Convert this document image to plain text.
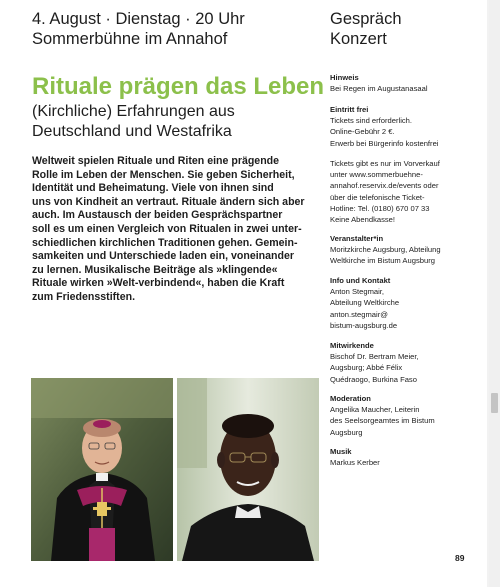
4. August · Dienstag · 20 Uhr
Sommerbühne im Annahof
Gespräch
Konzert
Rituale prägen das Leben
(Kirchliche) Erfahrungen aus Deutschland und Westafrika
Weltweit spielen Rituale und Riten eine prägende
Rolle im Leben der Menschen. Sie geben Sicherheit,
Identität und Beheimatung. Viele von ihnen sind
uns von Kindheit an vertraut. Rituale ändern sich aber
auch. Im Austausch der beiden Gesprächspartner
soll es um einen Vergleich von Ritualen in zwei unter-
schiedlichen kirchlichen Traditionen gehen. Gemein-
samkeiten und Unterschiede laden ein, voneinander
zu lernen. Musikalische Beiträge als »klingende«
Rituale wirken »Welt-verbindend«, haben die Kraft
zum Friedensstiften.
89
Hinweis
Bei Regen im Augustanasaal
Eintritt frei
Tickets sind erforderlich.
Online-Gebühr 2 €.
Erwerb bei Bürgerinfo kostenfrei
Tickets gibt es nur im Vorverkauf
unter www.sommerbuehne-
annahof.reservix.de/events oder
über die telefonische Ticket-
Hotline: Tel. (0180) 670 07 33
Keine Abendkasse!
Veranstalter*in
Moritzkirche Augsburg, Abteilung
Weltkirche im Bistum Augsburg
Info und Kontakt
Anton Stegmair,
Abteilung Weltkirche
anton.stegmair@
bistum-augsburg.de
Mitwirkende
Bischof Dr. Bertram Meier,
Augsburg; Abbé Félix
Quédraogo, Burkina Faso
Moderation
Angelika Maucher, Leiterin
des Seelsorgeamtes im Bistum
Augsburg
Musik
Markus Kerber
